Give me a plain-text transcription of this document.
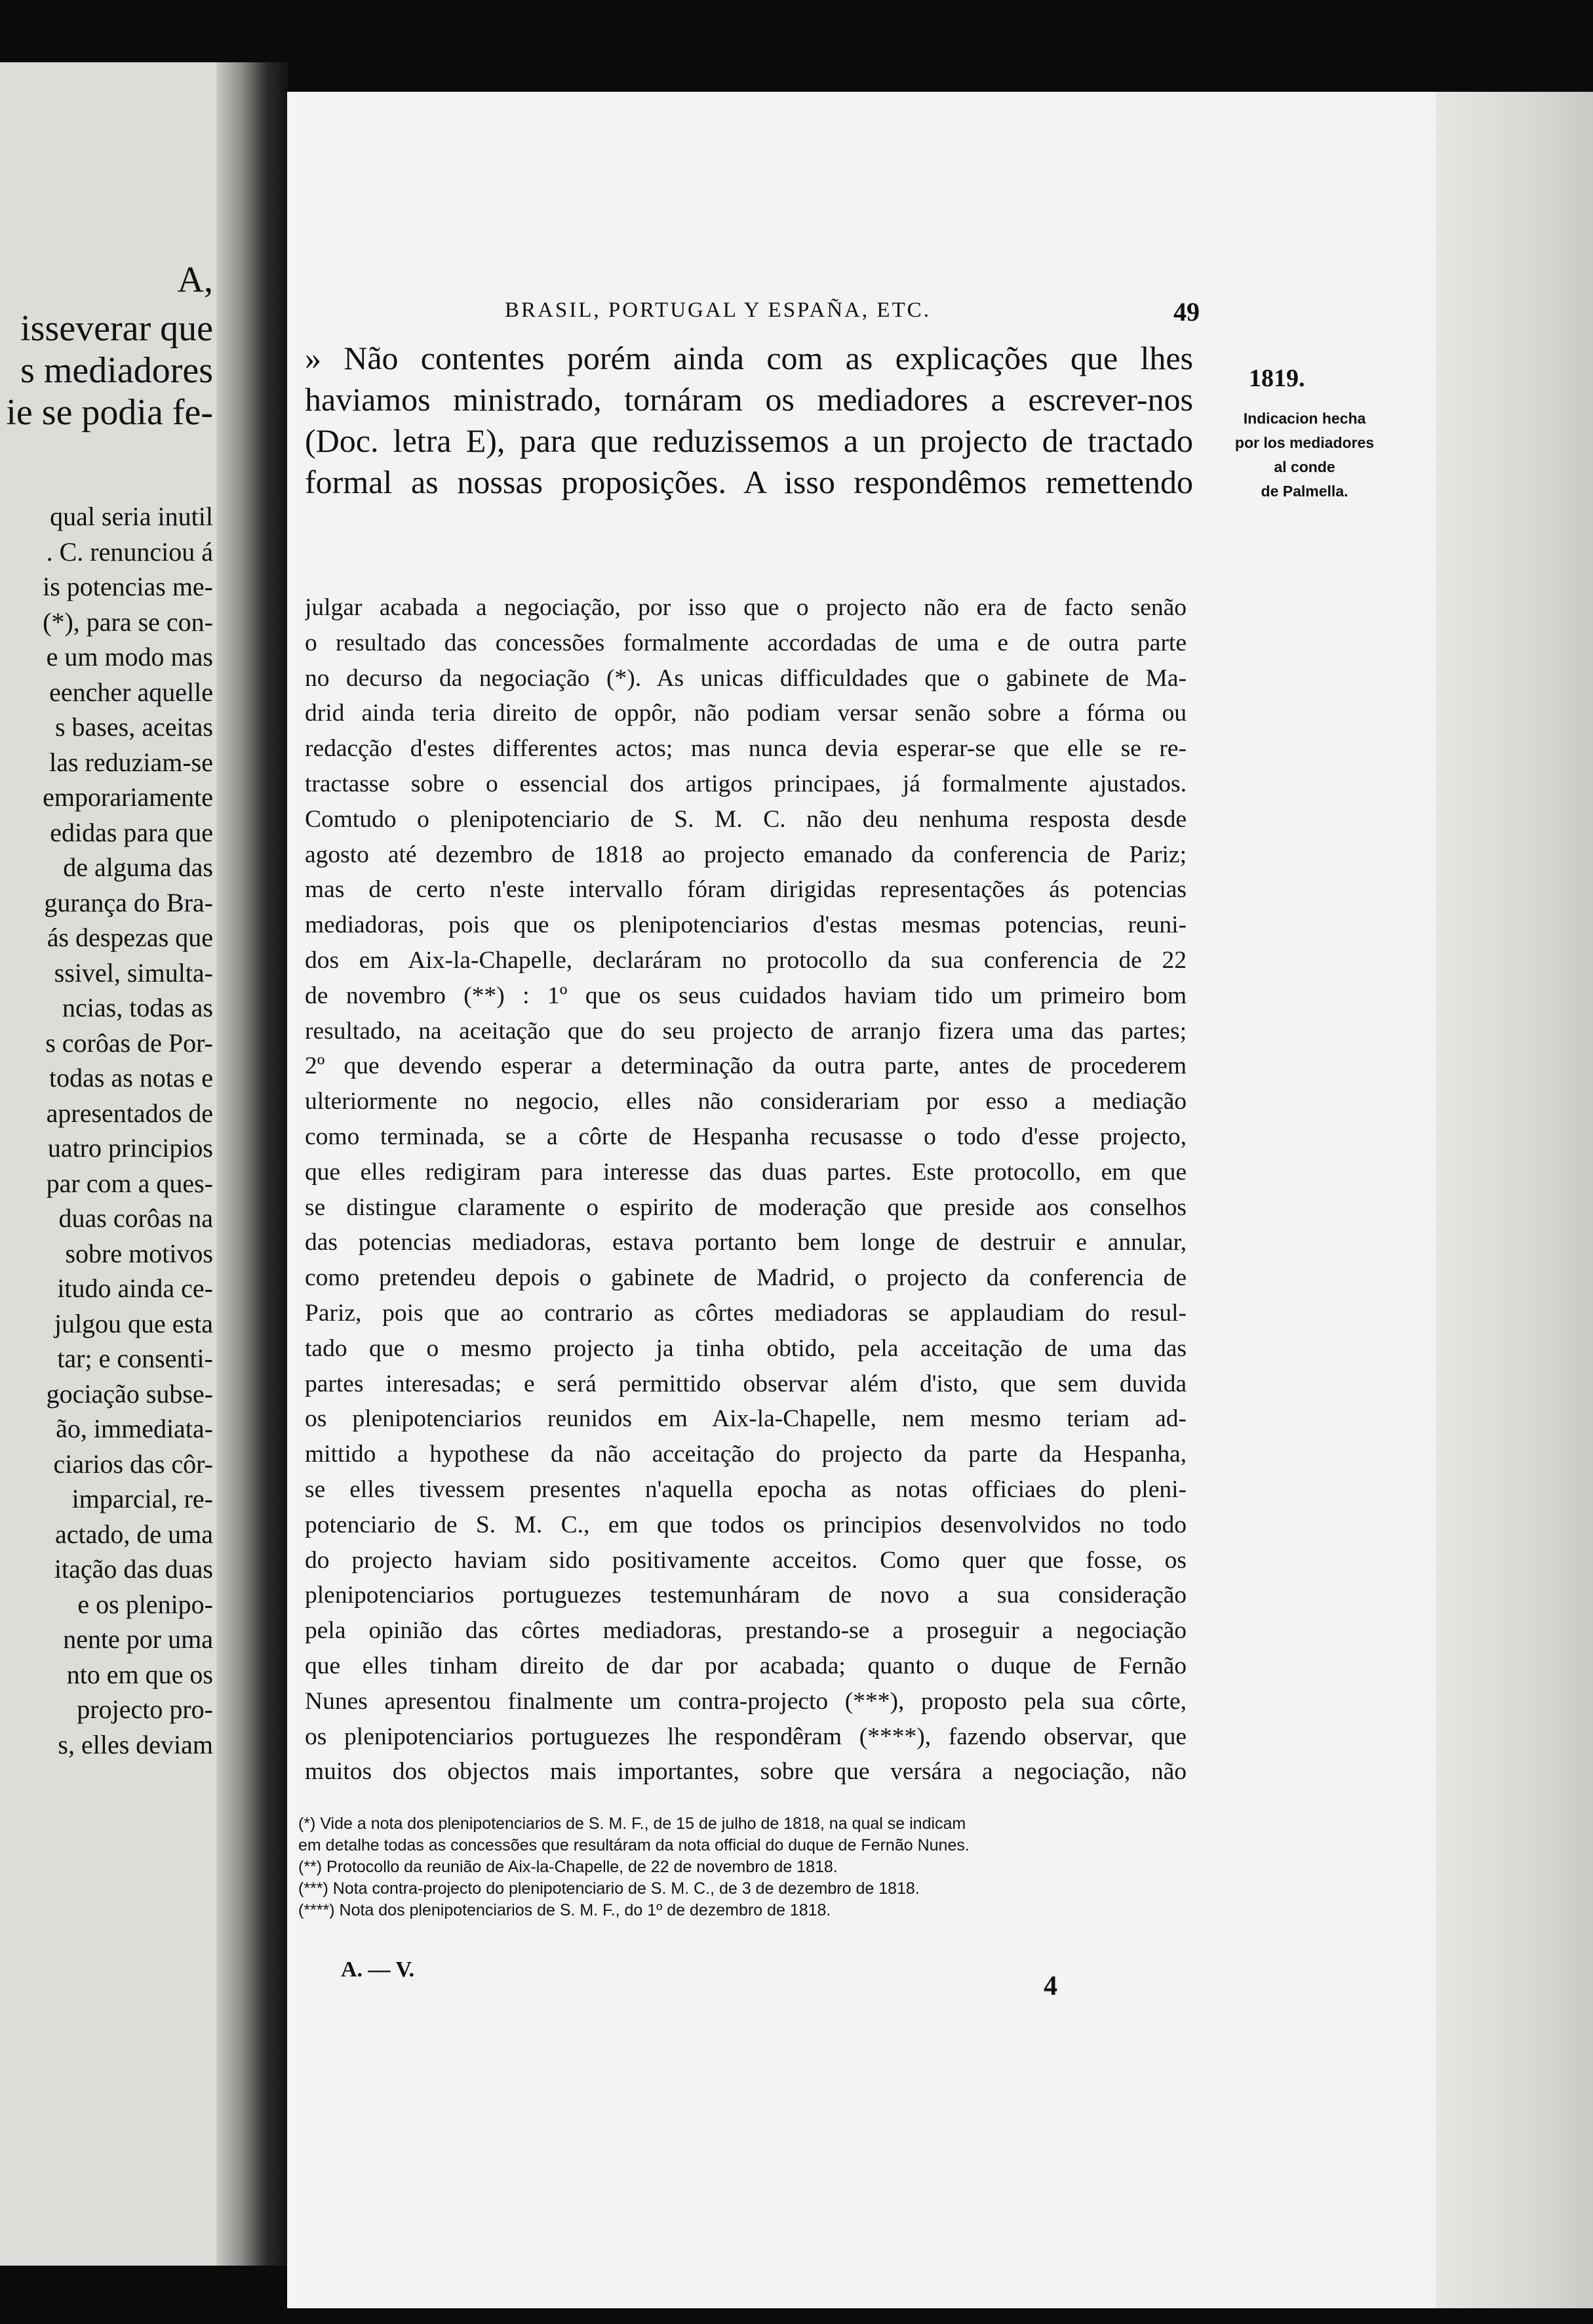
A,
isseverar que
s mediadores
ie se podia fe-
qual seria inutil
. C. renunciou á
is potencias me-
(*), para se con-
e um modo mas
eencher aquelle
s bases, aceitas
las reduziam-se
emporariamente
edidas para que
de alguma das
gurança do Bra-
ás despezas que
ssivel, simulta-
ncias, todas as
s corôas de Por-
todas as notas e
apresentados de
uatro principios
par com a ques-
duas corôas na
sobre motivos
itudo ainda ce-
julgou que esta
tar; e consenti-
gociação subse-
ão, immediata-
ciarios das côr-
imparcial, re-
actado, de uma
itação das duas
e os plenipo-
nente por uma
nto em que os
projecto pro-
s, elles deviam
BRASIL, PORTUGAL Y ESPAÑA, ETC.	49
» Não contentes porém ainda com as explicações que lhes
haviamos ministrado, tornáram os mediadores a escrever-nos
(Doc. letra E), para que reduzissemos a un projecto de tractado
formal as nossas proposições. A isso respondêmos remettendo
1819.
Indicacion hecha
por los mediadores
al conde
de Palmella.
julgar acabada a negociação, por isso que o projecto não era de facto senão
o resultado das concessões formalmente accordadas de uma e de outra parte
no decurso da negociação (*). As unicas difficuldades que o gabinete de Ma-
drid ainda teria direito de oppôr, não podiam versar senão sobre a fórma ou
redacção d'estes differentes actos; mas nunca devia esperar-se que elle se re-
tractasse sobre o essencial dos artigos principaes, já formalmente ajustados.
Comtudo o plenipotenciario de S. M. C. não deu nenhuma resposta desde
agosto até dezembro de 1818 ao projecto emanado da conferencia de Pariz;
mas de certo n'este intervallo fóram dirigidas representações ás potencias
mediadoras, pois que os plenipotenciarios d'estas mesmas potencias, reuni-
dos em Aix-la-Chapelle, declaráram no protocollo da sua conferencia de 22
de novembro (**) : 1º que os seus cuidados haviam tido um primeiro bom
resultado, na aceitação que do seu projecto de arranjo fizera uma das partes;
2º que devendo esperar a determinação da outra parte, antes de procederem
ulteriormente no negocio, elles não considerariam por esso a mediação
como terminada, se a côrte de Hespanha recusasse o todo d'esse projecto,
que elles redigiram para interesse das duas partes. Este protocollo, em que
se distingue claramente o espirito de moderação que preside aos conselhos
das potencias mediadoras, estava portanto bem longe de destruir e annular,
como pretendeu depois o gabinete de Madrid, o projecto da conferencia de
Pariz, pois que ao contrario as côrtes mediadoras se applaudiam do resul-
tado que o mesmo projecto ja tinha obtido, pela acceitação de uma das
partes interesadas; e será permittido observar além d'isto, que sem duvida
os plenipotenciarios reunidos em Aix-la-Chapelle, nem mesmo teriam ad-
mittido a hypothese da não acceitação do projecto da parte da Hespanha,
se elles tivessem presentes n'aquella epocha as notas officiaes do pleni-
potenciario de S. M. C., em que todos os principios desenvolvidos no todo
do projecto haviam sido positivamente acceitos. Como quer que fosse, os
plenipotenciarios portuguezes testemunháram de novo a sua consideração
pela opinião das côrtes mediadoras, prestando-se a proseguir a negociação
que elles tinham direito de dar por acabada; quanto o duque de Fernão
Nunes apresentou finalmente um contra-projecto (***), proposto pela sua côrte,
os plenipotenciarios portuguezes lhe respondêram (****), fazendo observar, que
muitos dos objectos mais importantes, sobre que versára a negociação, não
(*) Vide a nota dos plenipotenciarios de S. M. F., de 15 de julho de 1818, na qual se indicam
em detalhe todas as concessões que resultáram da nota official do duque de Fernão Nunes.
(**) Protocollo da reunião de Aix-la-Chapelle, de 22 de novembro de 1818.
(***) Nota contra-projecto do plenipotenciario de S. M. C., de 3 de dezembro de 1818.
(****) Nota dos plenipotenciarios de S. M. F., do 1º de dezembro de 1818.
A. — V.
4
